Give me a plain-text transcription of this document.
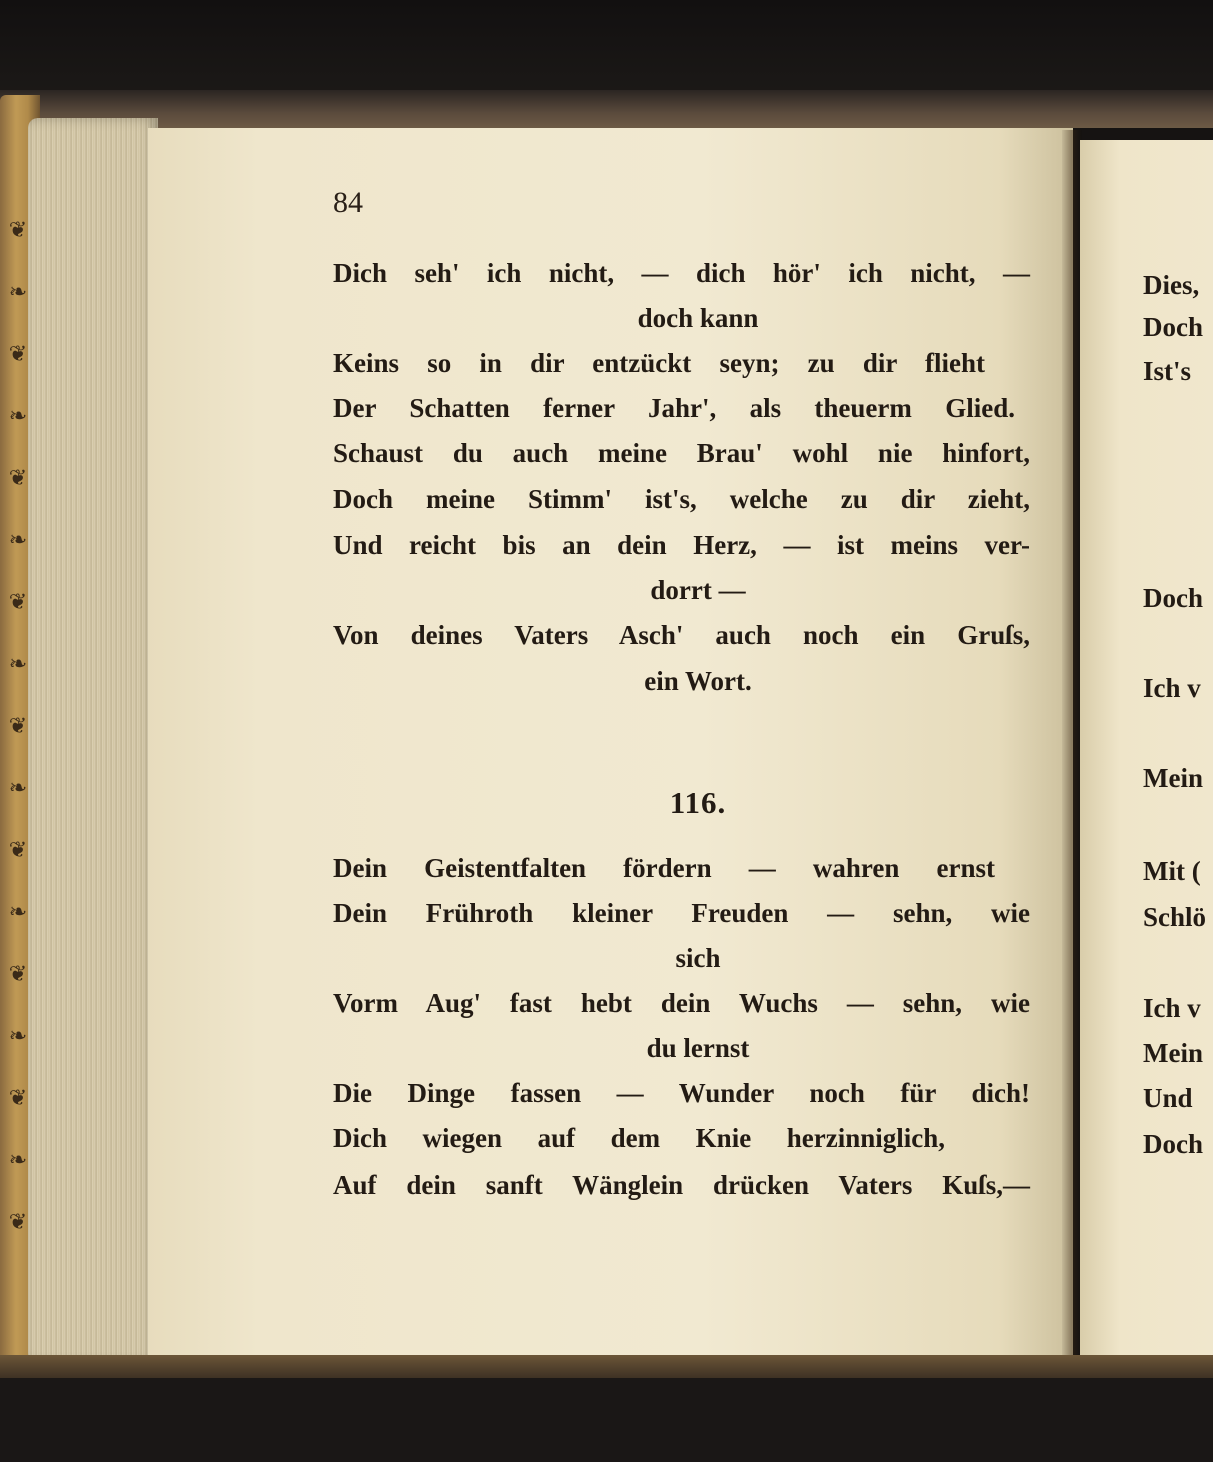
❦
❧
❦
❧
❦
❧
❦
❧
❦
❧
❦
❧
❦
❧
❦
❧
❦
84
Dich seh' ich nicht, — dich hör' ich nicht, —
doch kann
Keins so in dir entzückt seyn; zu dir flieht
Der Schatten ferner Jahr', als theuerm Glied.
Schaust du auch meine Brau' wohl nie hinfort,
Doch meine Stimm' ist's, welche zu dir zieht,
Und reicht bis an dein Herz, — ist meins ver-
dorrt —
Von deines Vaters Asch' auch noch ein Gruſs,
ein Wort.
116.
Dein Geistentfalten fördern — wahren ernst
Dein Frühroth kleiner Freuden — sehn, wie
sich
Vorm Aug' fast hebt dein Wuchs — sehn, wie
du lernst
Die Dinge fassen — Wunder noch für dich!
Dich wiegen auf dem Knie herzinniglich,
Auf dein sanft Wänglein drücken Vaters Kuſs,—
Dies,
Doch
Ist's
Doch
Ich v
Mein
Mit (
Schlö
Ich v
Mein
Und
Doch
